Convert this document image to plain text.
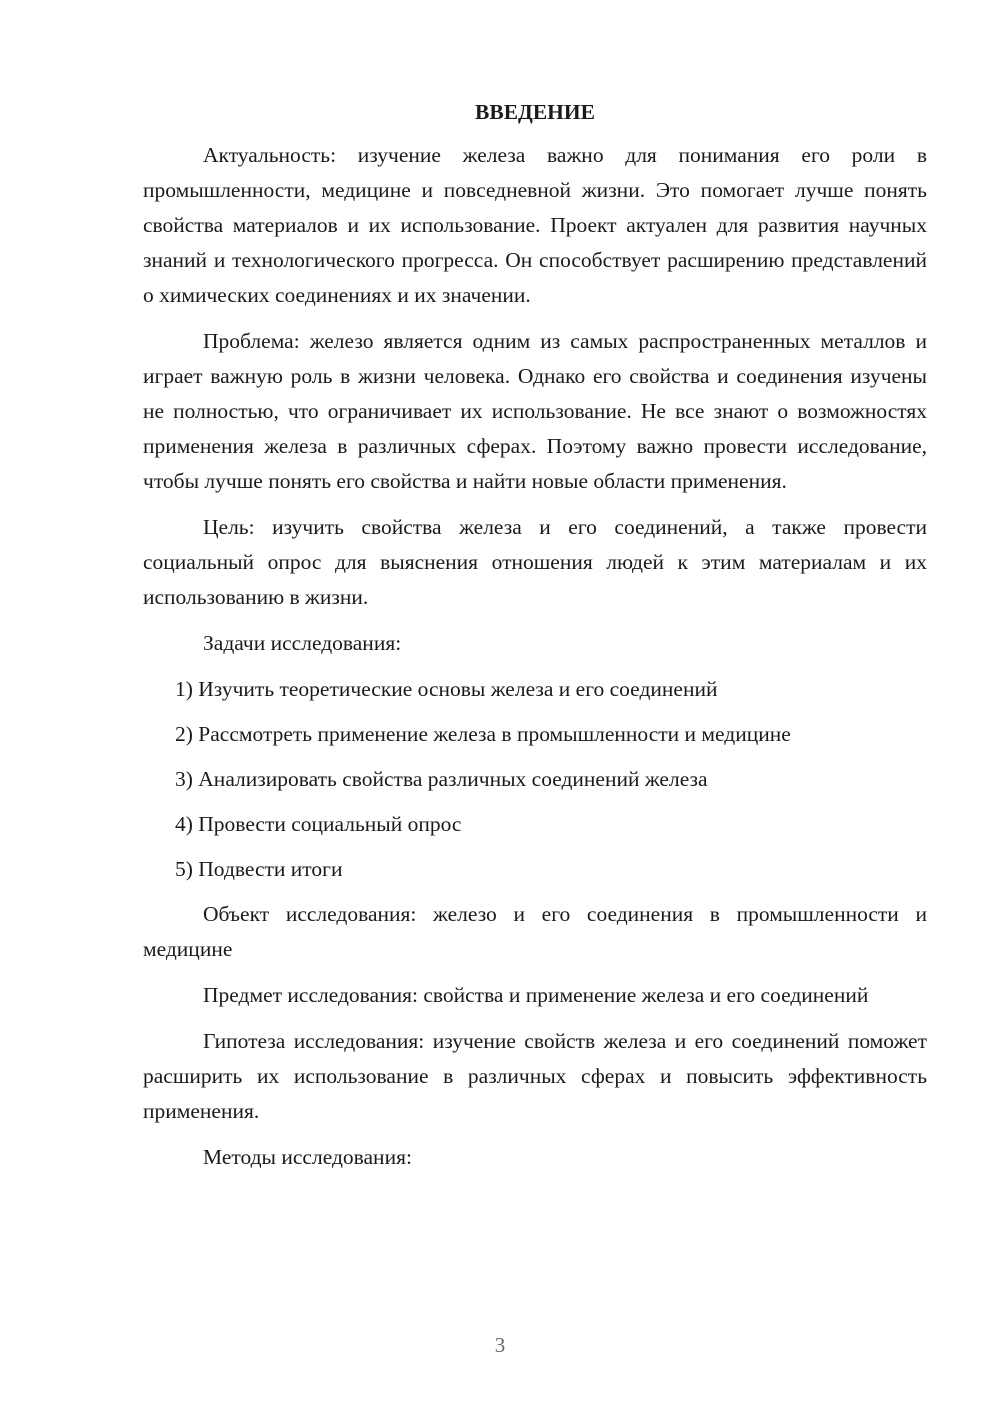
ВВЕДЕНИЕ
Актуальность: изучение железа важно для понимания его роли в промышленности, медицине и повседневной жизни. Это помогает лучше понять свойства материалов и их использование. Проект актуален для развития научных знаний и технологического прогресса. Он способствует расширению представлений о химических соединениях и их значении.
Проблема: железо является одним из самых распространенных металлов и играет важную роль в жизни человека. Однако его свойства и соединения изучены не полностью, что ограничивает их использование. Не все знают о возможностях применения железа в различных сферах. Поэтому важно провести исследование, чтобы лучше понять его свойства и найти новые области применения.
Цель: изучить свойства железа и его соединений, а также провести социальный опрос для выяснения отношения людей к этим материалам и их использованию в жизни.
Задачи исследования:
1) Изучить теоретические основы железа и его соединений
2) Рассмотреть применение железа в промышленности и медицине
3) Анализировать свойства различных соединений железа
4) Провести социальный опрос
5) Подвести итоги
Объект исследования: железо и его соединения в промышленности и медицине
Предмет исследования: свойства и применение железа и его соединений
Гипотеза исследования: изучение свойств железа и его соединений поможет расширить их использование в различных сферах и повысить эффективность применения.
Методы исследования:
3
